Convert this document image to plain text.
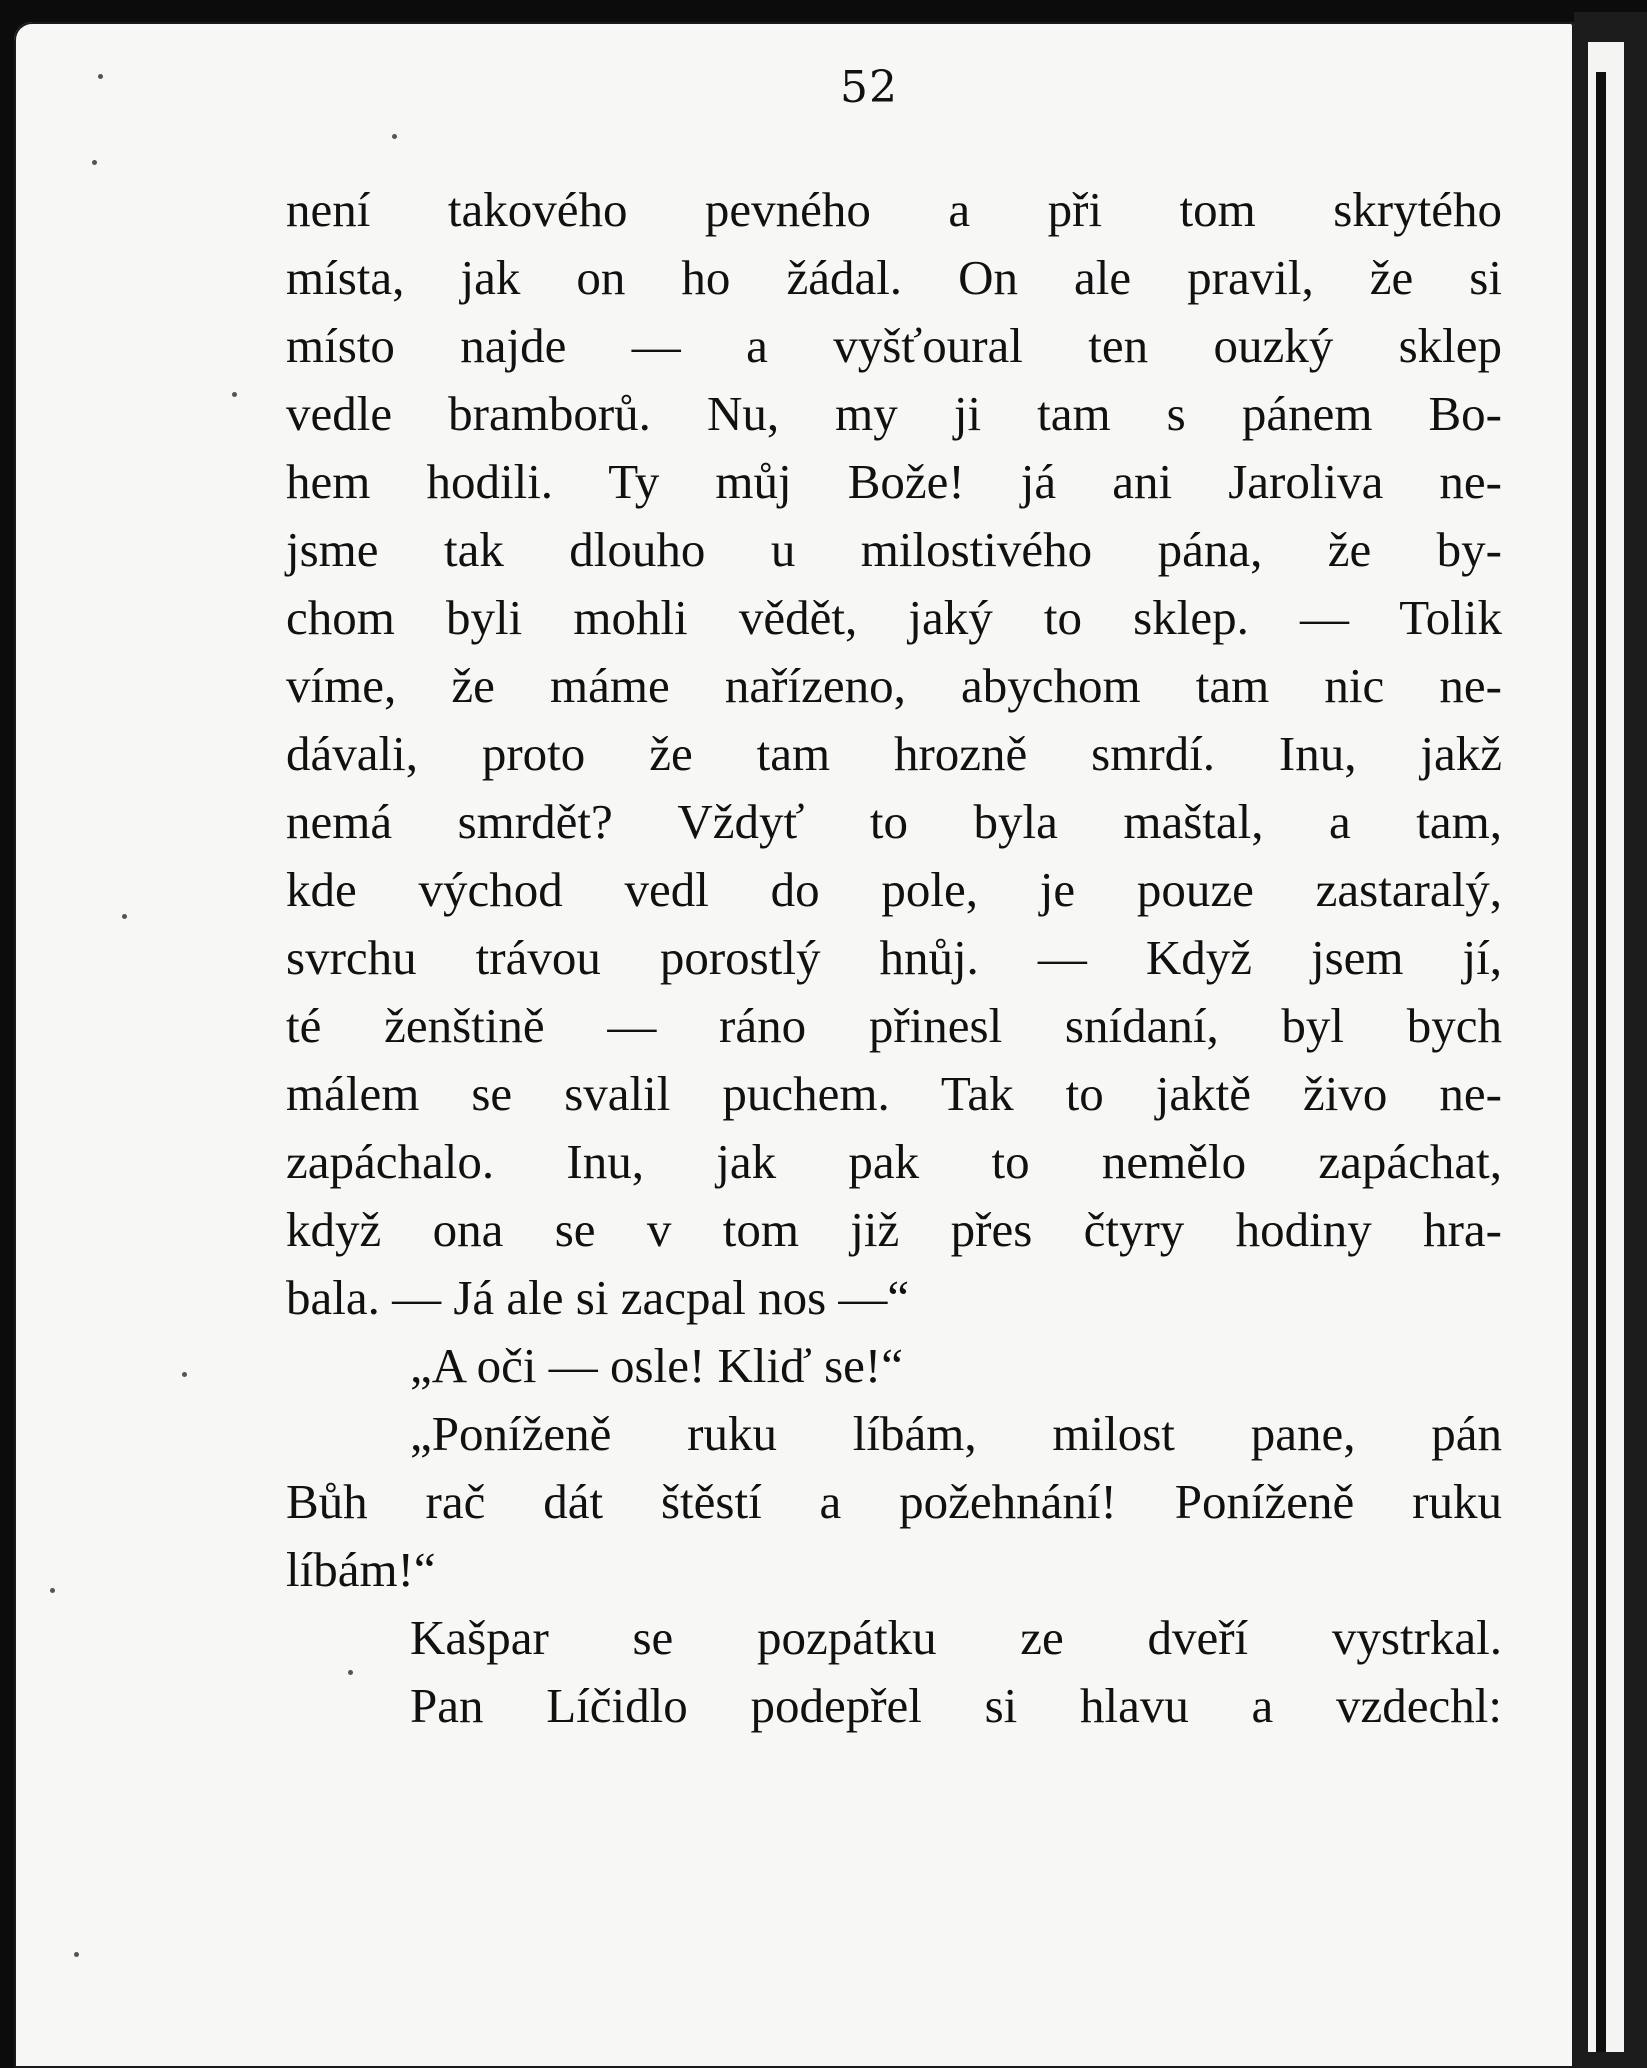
52
není takového pevného a při tom skrytého
místa, jak on ho žádal. On ale pravil, že si
místo najde — a vyšťoural ten ouzký sklep
vedle bramborů. Nu, my ji tam s pánem Bo-
hem hodili. Ty můj Bože! já ani Jaroliva ne-
jsme tak dlouho u milostivého pána, že by-
chom byli mohli vědět, jaký to sklep. — Tolik
víme, že máme nařízeno, abychom tam nic ne-
dávali, proto že tam hrozně smrdí. Inu, jakž
nemá smrdět? Vždyť to byla maštal, a tam,
kde východ vedl do pole, je pouze zastaralý,
svrchu trávou porostlý hnůj. — Když jsem jí,
té ženštině — ráno přinesl snídaní, byl bych
málem se svalil puchem. Tak to jaktě živo ne-
zapáchalo. Inu, jak pak to nemělo zapáchat,
když ona se v tom již přes čtyry hodiny hra-
bala. — Já ale si zacpal nos —“
„A oči — osle! Kliď se!“
„Poníženě ruku líbám, milost pane, pán
Bůh rač dát štěstí a požehnání! Poníženě ruku
líbám!“
Kašpar se pozpátku ze dveří vystrkal.
Pan Líčidlo podepřel si hlavu a vzdechl:
